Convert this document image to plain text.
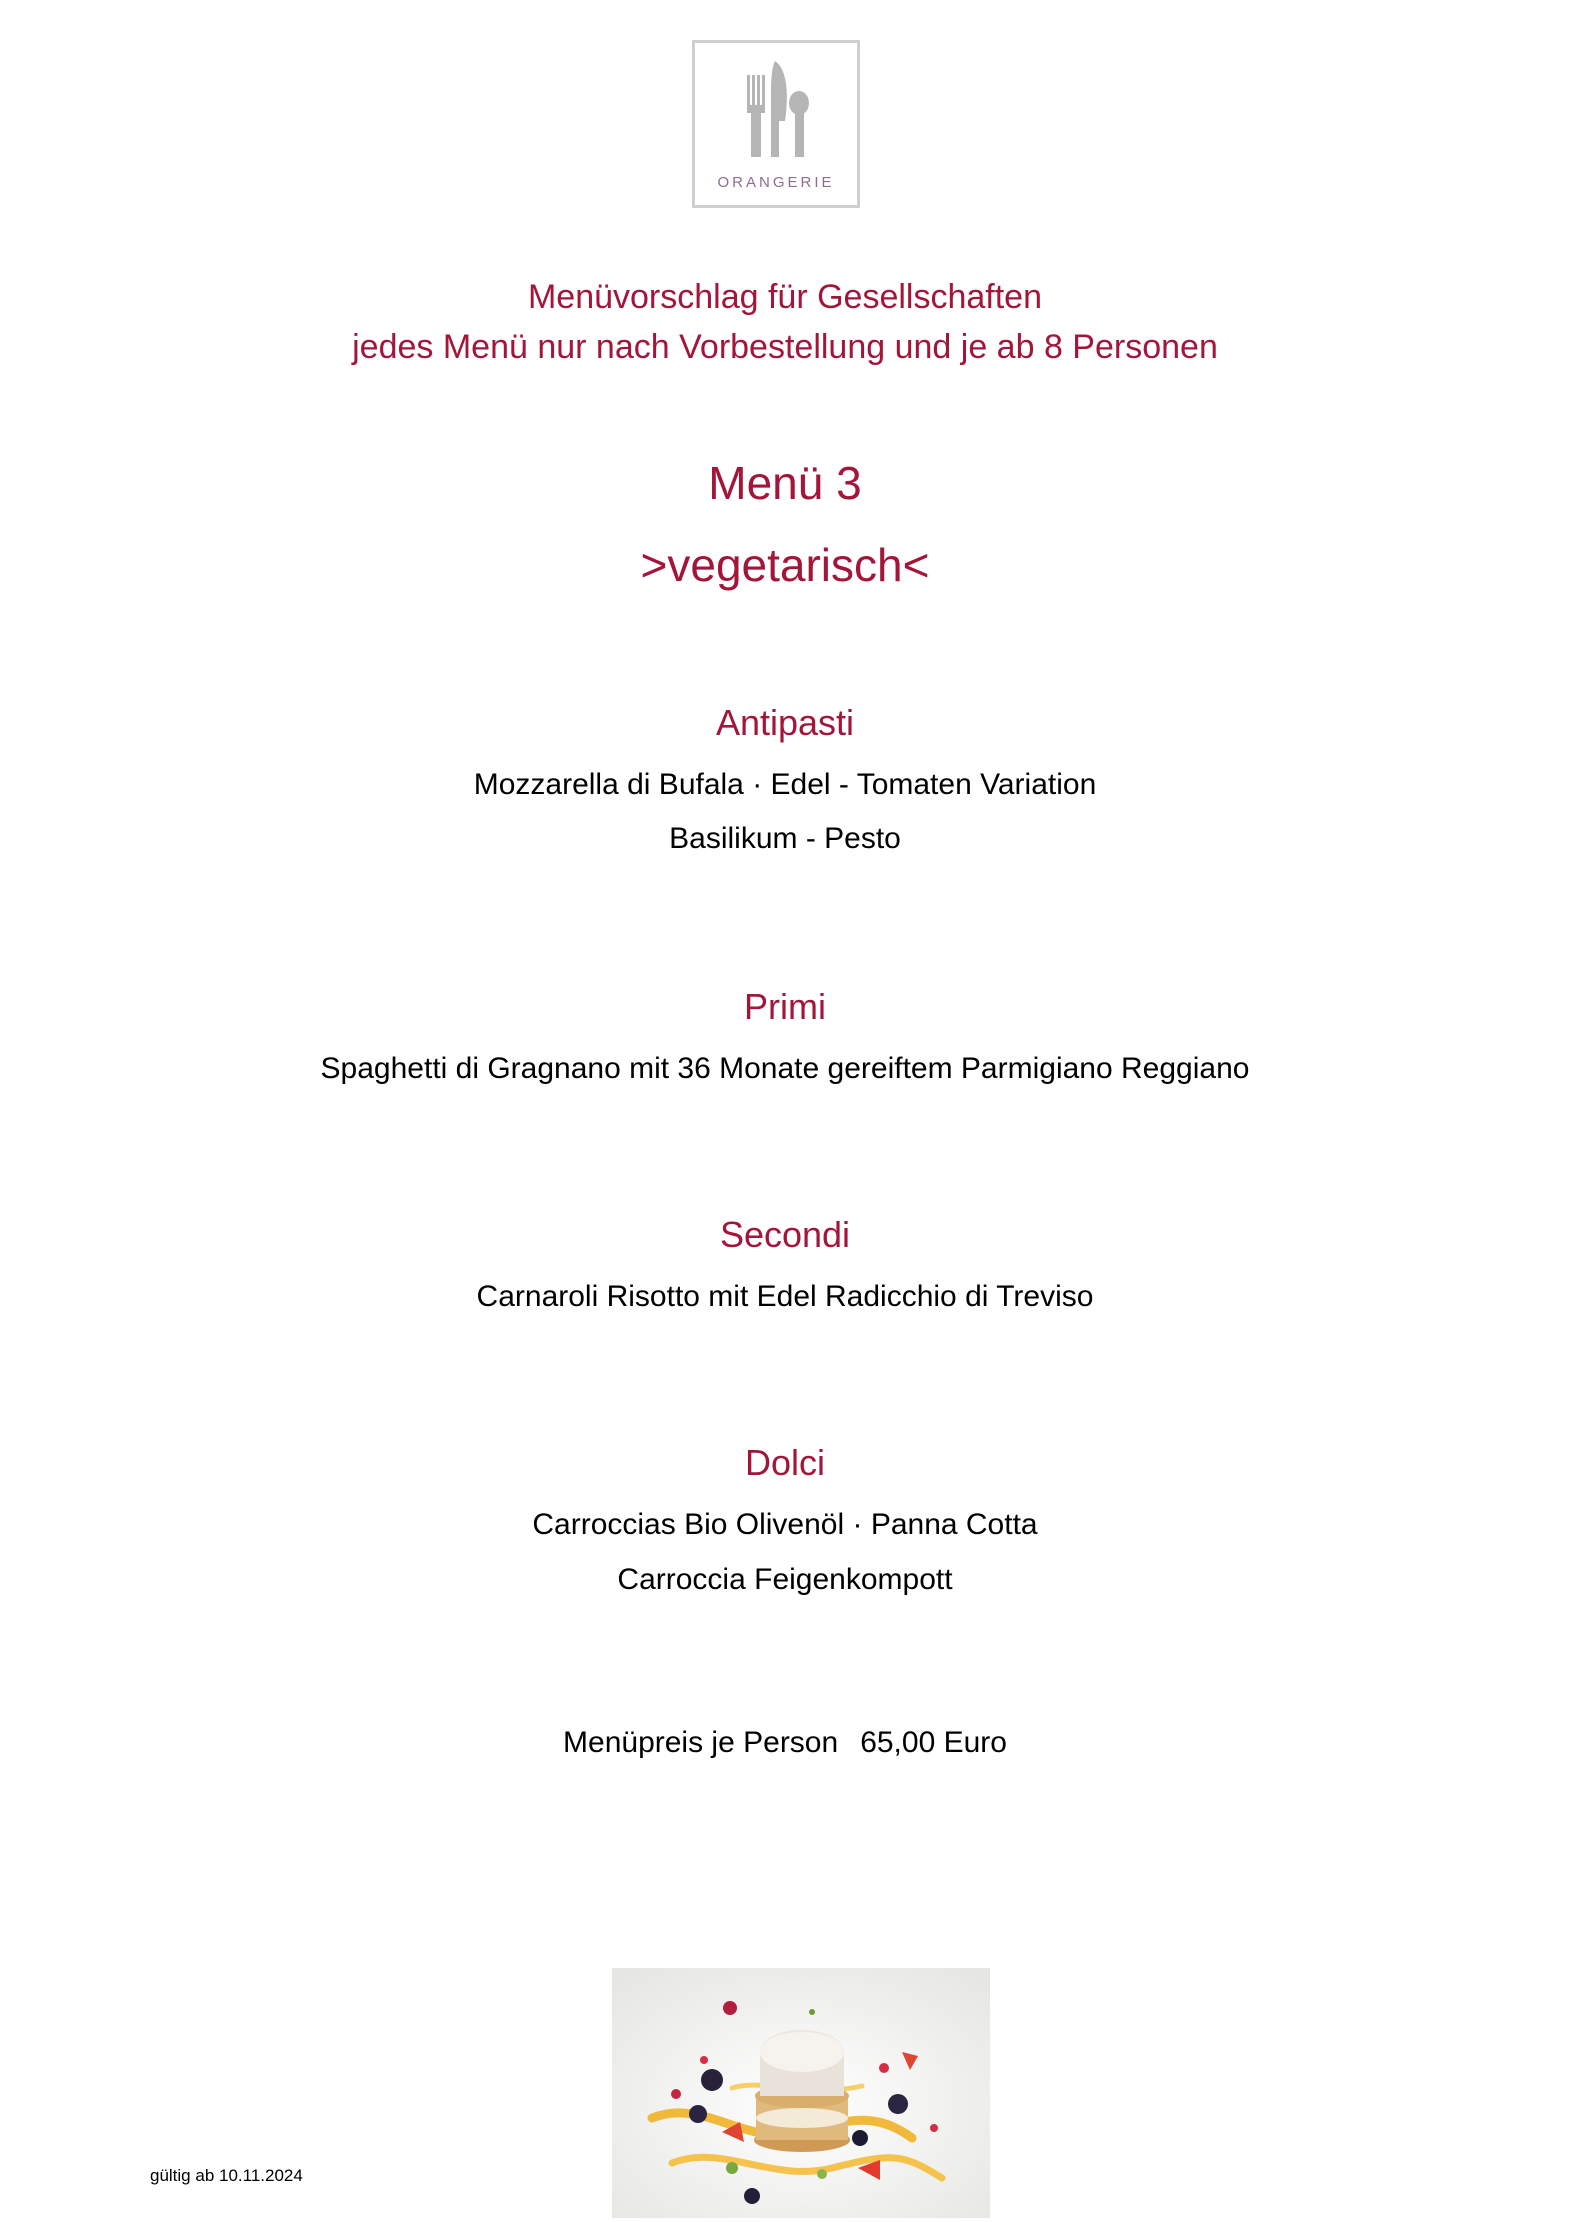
ORANGERIE
Menüvorschlag für Gesellschaften
jedes Menü nur nach Vorbestellung und je ab 8 Personen
Menü 3
>vegetarisch<
Antipasti
Mozzarella di Bufala · Edel - Tomaten Variation
Basilikum - Pesto
Primi
Spaghetti di Gragnano mit 36 Monate gereiftem Parmigiano Reggiano
Secondi
Carnaroli Risotto mit Edel Radicchio di Treviso
Dolci
Carroccias Bio Olivenöl · Panna Cotta
Carroccia Feigenkompott
Menüpreis je Person 65,00 Euro
gültig ab 10.11.2024
